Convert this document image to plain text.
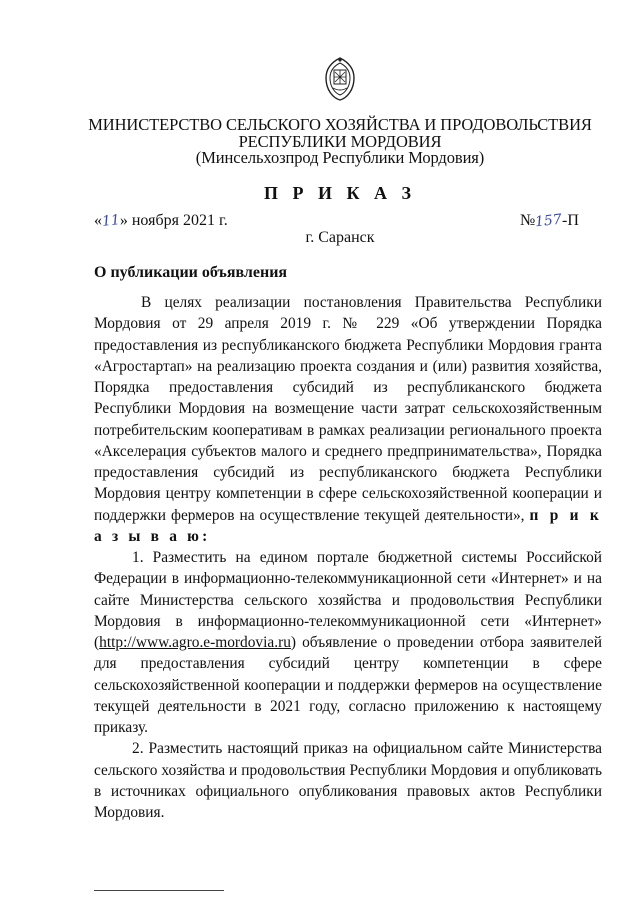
МИНИСТЕРСТВО СЕЛЬСКОГО ХОЗЯЙСТВА И ПРОДОВОЛЬСТВИЯ
РЕСПУБЛИКИ МОРДОВИЯ
(Минсельхозпрод Республики Мордовия)
П Р И К А З
«11» ноября 2021 г.	№157-П
г. Саранск
О публикации объявления

В целях реализации постановления Правительства Республики Мордовия от 29 апреля 2019 г. № 229 «Об утверждении Порядка предоставления из республиканского бюджета Республики Мордовия гранта «Агростартап» на реализацию проекта создания и (или) развития хозяйства, Порядка предоставления субсидий из республиканского бюджета Республики Мордовия на возмещение части затрат сельскохозяйственным потребительским кооперативам в рамках реализации регионального проекта «Акселерация субъектов малого и среднего предпринимательства», Порядка предоставления субсидий из республиканского бюджета Республики Мордовия центру компетенции в сфере сельскохозяйственной кооперации и поддержки фермеров на осуществление текущей деятельности», п р и к а з ы в а ю:

1. Разместить на едином портале бюджетной системы Российской Федерации в информационно-телекоммуникационной сети «Интернет» и на сайте Министерства сельского хозяйства и продовольствия Республики Мордовия в информационно-телекоммуникационной сети «Интернет» (http://www.agro.e-mordovia.ru) объявление о проведении отбора заявителей для предоставления субсидий центру компетенции в сфере сельскохозяйственной кооперации и поддержки фермеров на осуществление текущей деятельности в 2021 году, согласно приложению к настоящему приказу.

2. Разместить настоящий приказ на официальном сайте Министерства сельского хозяйства и продовольствия Республики Мордовия и опубликовать в источниках официального опубликования правовых актов Республики Мордовия.
